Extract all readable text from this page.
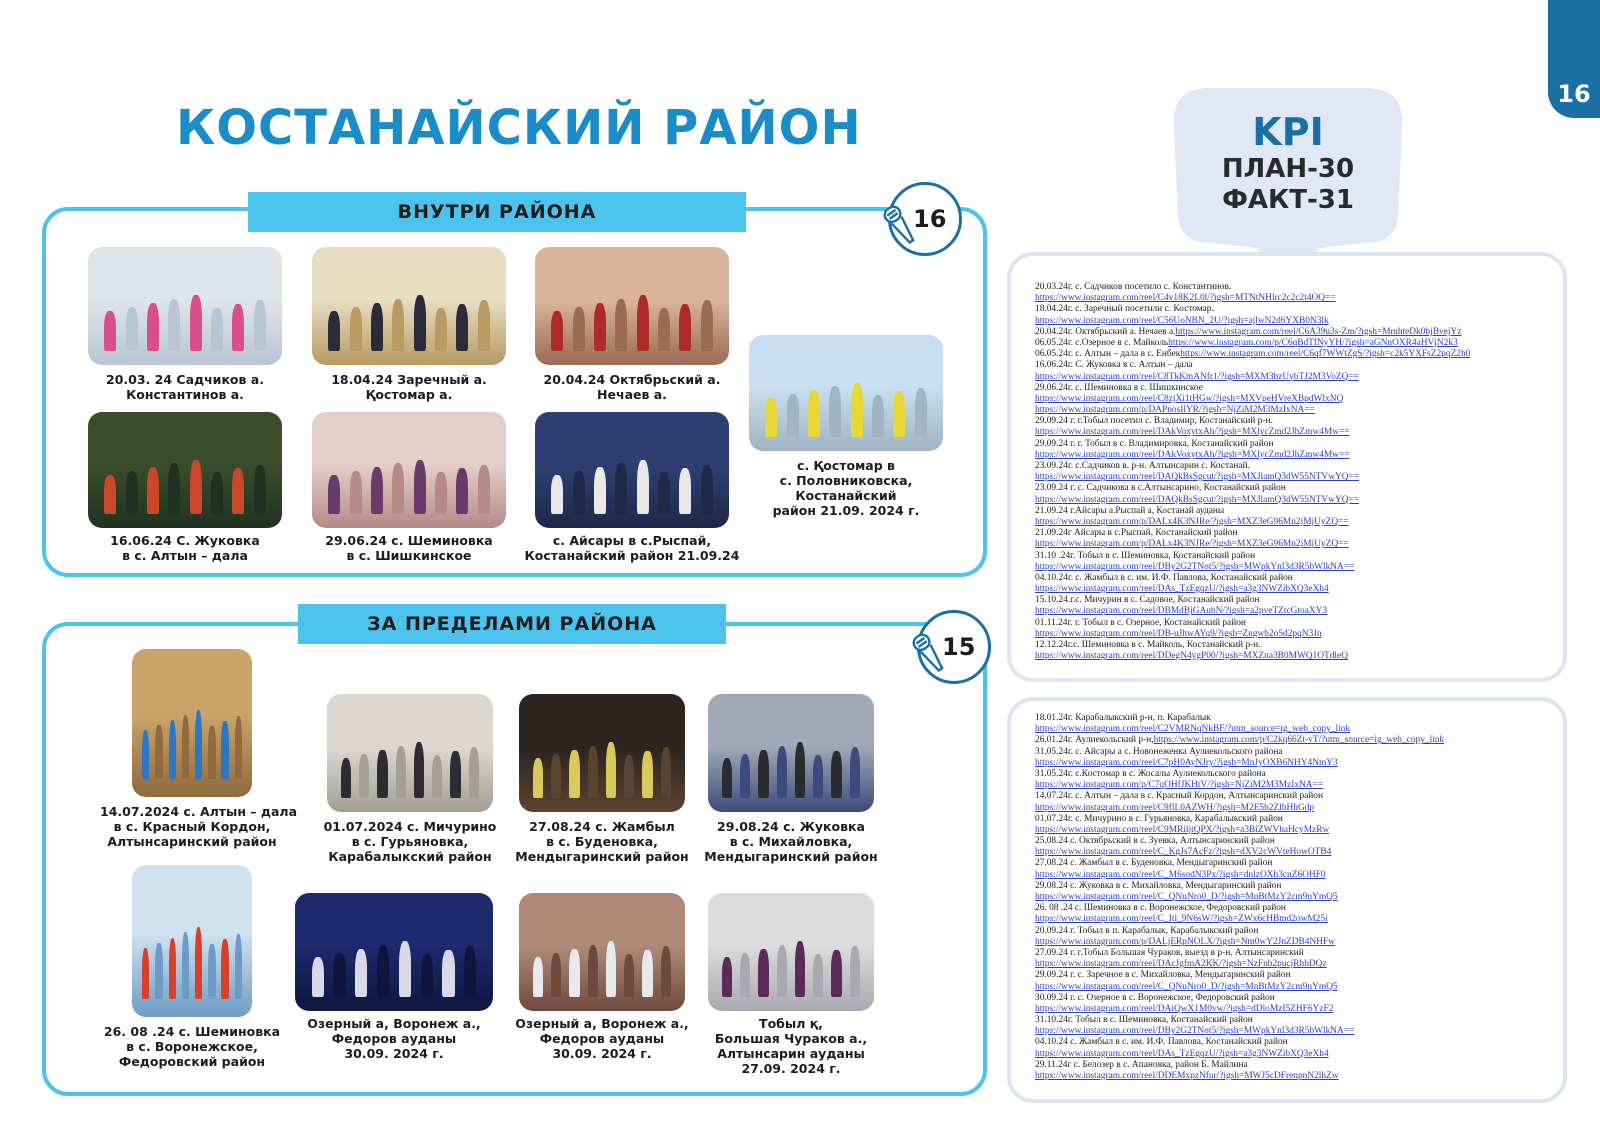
16
КОСТАНАЙСКИЙ РАЙОН	KPI
ПЛАН-30
ФАКТ-31
ВНУТРИ РАЙОНА	16
ЗА ПРЕДЕЛАМИ РАЙОНА
15
20.03. 24 Садчиков а.
Константинов а.
18.04.24 Заречный а.
Қостомар а.
20.04.24 Октябрьский а.
Нечаев а.
с. Қостомар в
с. Половниковска,
Костанайский
район 21.09. 2024 г.
16.06.24 С. Жуковка
в с. Алтын – дала
29.06.24 с. Шеминовка
в с. Шишкинское
с. Айсары в с.Рыспай,
Костанайский район 21.09.24
14.07.2024 с. Алтын – дала
в с. Красный Кордон,
Алтынсаринский район
01.07.2024 с. Мичурино
в с. Гурьяновка,
Карабалыкский район
27.08.24 с. Жамбыл
в с. Буденовка,
Мендыгаринский район
29.08.24 с. Жуковка
в с. Михайловка,
Мендыгаринский район
26. 08 .24 с. Шеминовка
в с. Воронежское,
Федоровский район
Озерный а, Воронеж а.,
Федоров ауданы
30.09. 2024 г.
Озерный а, Воронеж а.,
Федоров ауданы
30.09. 2024 г.
Тобыл қ,
Большая Чураков а.,
Алтынсарин ауданы
27.09. 2024 г.
20.03.24г. с. Садчиков посетило с. Константинов.
https://www.instagram.com/reel/C4v18K2L0l/?igsh=MTNtNHlrc2c2c2t4OQ==
18.04.24г. с. Заречный посетили с. Костомар.
https://www.instagram.com/reel/C56UoNBN_2U/?igsh=ajlwN2d6YXB0N3lk
20.04.24г. Октябрьский а. Нечаев а.https://www.instagram.com/reel/C6A39u3s-Zm/?igsh=MmhteDk0bjBvejYz
06.05.24г. с.Озерное в с. Майкольhttps://www.instagram.com/p/C6qBdTfNyYH/?igsh=aGNnOXR4aHVjN2k3
06.05.24г. с. Алтын – дала в с. Енбекhttps://www.instagram.com/reel/C6qf7WWtZgS/?igsh=c2k5YXFsZ2pqZ2h0
16.06.24г. С. Жуковка в с. Алтын – дала
https://www.instagram.com/reel/C8TkKmANfr1/?igsh=MXM3bzUybTJ2M3VoZQ==
29.06.24г. с. Шеминовка в с. Шишкинское
https://www.instagram.com/reel/C8zjXi1tHGw/?igsh=MXVpeHVreXBpdWlxNQ
https://www.instagram.com/p/DAPnosIlYR/?igsh=NjZiM2M3MzIxNA==
29.09.24 г. г.Тобыл посетил с. Владимир, Костанайский р-н.
https://www.instagram.com/reel/DAkVoxytxAh/?igsh=MXlycZmd2JhZmw4Mw==
29.09.24 г. г. Тобыл в с. Владимировка, Костанайский район
https://www.instagram.com/reel/DAkVoxytxAh/?igsh=MXlycZmd2JhZmw4Mw==
23.09.24г. с.Садчиков в. р-н. Алтынсарин с. Костанай.
https://www.instagram.com/reel/DAQkBsSgcut/?igsh=MXJlamQ3dW55NTVwYQ==
23.09.24 г. с. Садчикова в с.Алтынсарино, Костанайский район
https://www.instagram.com/reel/DAQkBsSgcut/?igsh=MXJlamQ3dW55NTVwYQ==
21.09.24 г.Айсары а.Рыспай а, Костанай ауданы
https://www.instagram.com/p/DALx4K3NJRe/?igsh=MXZ3eG96Mn2jMjUyZQ==
21.09.24г Айсары в с.Рыспай, Костанайский район
https://www.instagram.com/p/DALx4K3NJRe/?igsh=MXZ3eG96Mn2jMjUyZQ==
31.10 .24г. Тобыл в с. Шеминовка, Костанайский район
https://www.instagram.com/reel/DBy2G2TNot5/?igsh=MWpkYnl3d3R5bWlkNA==
04.10.24г. с. Жамбыл в с. им. И.Ф. Павлова, Костанайский район
https://www.instagram.com/reel/DAs_TzEgqzU/?igsh=a3g3NWZibXQ3eXh4
15.10.24.г.с. Мичурин в с. Садовое, Костанайский район
https://www.instagram.com/reel/DBMdBjGAubN/?igsh=a2pveTZtcGtoaXY3
01.11.24г. г. Тобыл в с. Озерное, Костанайский район
https://www.instagram.com/reel/DB-uJhwAYq9/?igsh=Zngwb2o5d2pqN3Jn
12.12.24г.с. Шеминовка в с. Майколь, Костанайский р-н.
https://www.instagram.com/reel/DDegN4ygP00/?igsh=MXZna3B0MWQ1OTdleQ
18.01.24г. Карабалыкский р-н, п. Карабалык
https://www.instagram.com/reel/C2VMRNqNkBF/?utm_source=ig_web_copy_link
26.01.24г. Аулиекольский р-н,https://www.instagram.com/p/C2kq66Zt-vT/?utm_source=ig_web_copy_link
31.05.24г. с. Айсары а с. Новонеженка Аулиекольского района
https://www.instagram.com/reel/C7pH0AyNJry/?igsh=MnJyOXB6NHY4NmY3
31.05.24г. с.Костомар в с. Жосалы Аулиекольского района
https://www.instagram.com/p/C7qOHfJKHtV/?igsh=NjZiM2M3MzIxNA==
14.07.24г. с. Алтын – дала в с. Красный Кордон, Алтынсаринский район
https://www.instagram.com/reel/C9flL0AZWH/?igsh=M2E5b2ZlbHhGdp
01.07.24г. с. Мичурино в с. Гурьяновка, Карабалыкский район
https://www.instagram.com/reel/C9MRiljtQPX/?igsh=a3BiZWVhaHcyMzRw
25.08.24 с. Октябрьский в с. Зуевка, Алтынсаринский район
https://www.instagram.com/reel/C_KgJs7AcFz/?igsh=dXV2cWVteHowOTB4
27.08.24 с. Жамбыл в с. Буденовка, Мендыгаринский район
https://www.instagram.com/reel/C_M6sodN3Px/?igsh=dnlzOXh3cnZ6OHF0
29.08.24 с. Жуковка в с. Михайловка, Мендыгаринский район
https://www.instagram.com/reel/C_QNuNro0_D/?igsh=MnBtMzY2cm9nYmQ5
26. 08 .24 с. Шеминовка в с. Воронежское, Федоровский район
https://www.instagram.com/reel/C_Itl_9N6sW/?igsh=ZWx6cHBmd2owM25i
20.09.24 г. Тобыл в п. Карабалык, Карабалыкский район
https://www.instagram.com/p/DALjERpNOLX/?igsh=Nm0wY2JnZDB4NHFw
27.09.24 г. г.Тобыл Большая Чураков, выезд в р-н. Алтынсаринский
https://www.instagram.com/reel/DAcJgfmA2KK/?igsh=NzFnb2pucjRhbDQz
29.09.24 г. с. Заречное в с. Михайловка, Мендыгаринский район
https://www.instagram.com/reel/C_QNuNro0_D/?igsh=MnBtMzY2cm9nYmQ5
30.09.24 г. с. Озерное в с. Воронежское, Федоровский район
https://www.instagram.com/reel/DAiQwX1M0vw/?igsh=dDloMzI5ZHF6YzF2
31.10.24г. Тобыл в с. Шеминовка, Костанайский район
https://www.instagram.com/reel/DBy2G2TNot5/?igsh=MWpkYnl3d3R5bWlkNA==
04.10.24 с. Жамбыл в с. им. И.Ф. Павлова, Костанайский район
https://www.instagram.com/reel/DAs_TzEgqzU/?igsh=a3g3NWZibXQ3eXh4
29.11.24г с. Белозер в с. Апановка, район Б. Майлина
https://www.instagram.com/reel/DDEMxpzNfur/?igsh=MWJ5cDFrenpnN2lhZw
